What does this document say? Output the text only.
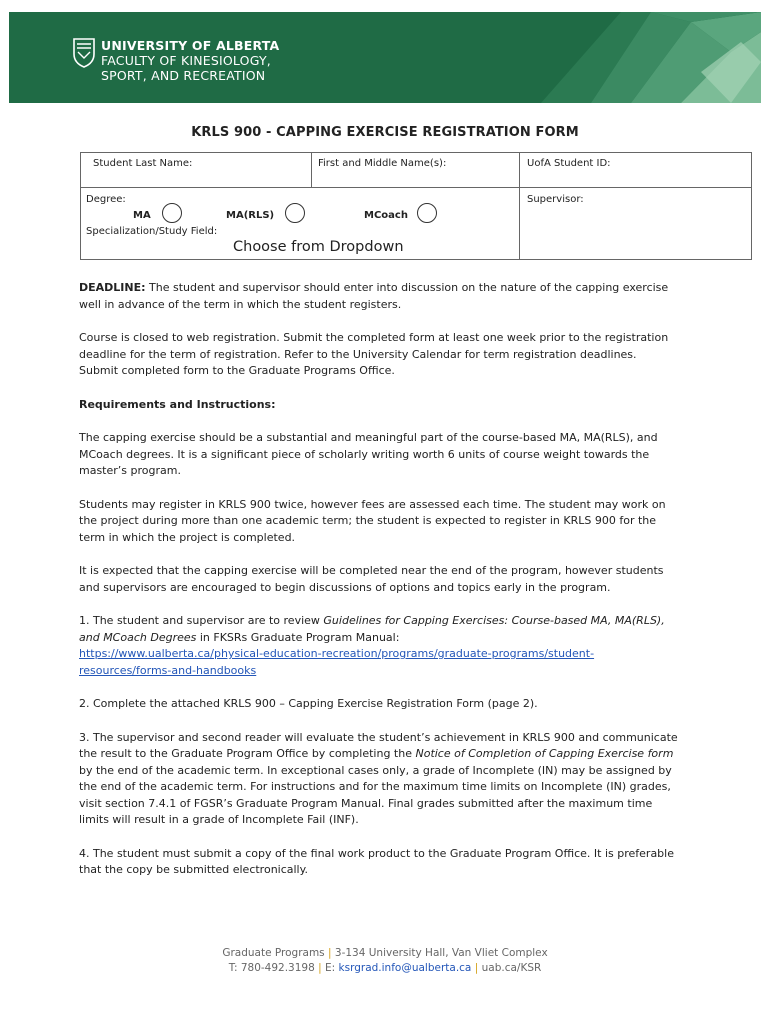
UNIVERSITY OF ALBERTA
FACULTY OF KINESIOLOGY,
SPORT, AND RECREATION
KRLS 900 - CAPPING EXERCISE REGISTRATION FORM
Student Last Name:	First and Middle Name(s):	UofA Student ID:
Degree:	Supervisor:
MA	MA(RLS)	MCoach
Specialization/Study Field:
Choose from Dropdown

DEADLINE: The student and supervisor should enter into discussion on the nature of the capping exercise well in advance of the term in which the student registers.

Course is closed to web registration. Submit the completed form at least one week prior to the registration deadline for the term of registration. Refer to the University Calendar for term registration deadlines. Submit completed form to the Graduate Programs Office.

Requirements and Instructions:

The capping exercise should be a substantial and meaningful part of the course-based MA, MA(RLS), and MCoach degrees. It is a significant piece of scholarly writing worth 6 units of course weight towards the master’s program.

Students may register in KRLS 900 twice, however fees are assessed each time. The student may work on the project during more than one academic term; the student is expected to register in KRLS 900 for the term in which the project is completed.

It is expected that the capping exercise will be completed near the end of the program, however students and supervisors are encouraged to begin discussions of options and topics early in the program.

1. The student and supervisor are to review Guidelines for Capping Exercises: Course-based MA, MA(RLS), and MCoach Degrees in FKSRs Graduate Program Manual:
https://www.ualberta.ca/physical-education-recreation/programs/graduate-programs/student-resources/forms-and-handbooks

2. Complete the attached KRLS 900 – Capping Exercise Registration Form (page 2).

3. The supervisor and second reader will evaluate the student’s achievement in KRLS 900 and communicate the result to the Graduate Program Office by completing the Notice of Completion of Capping Exercise form by the end of the academic term. In exceptional cases only, a grade of Incomplete (IN) may be assigned by the end of the academic term. For instructions and for the maximum time limits on Incomplete (IN) grades, visit section 7.4.1 of FGSR’s Graduate Program Manual. Final grades submitted after the maximum time limits will result in a grade of Incomplete Fail (INF).

4. The student must submit a copy of the final work product to the Graduate Program Office. It is preferable that the copy be submitted electronically.

Graduate Programs | 3-134 University Hall, Van Vliet Complex
T: 780-492.3198 | E: ksrgrad.info@ualberta.ca | uab.ca/KSR
